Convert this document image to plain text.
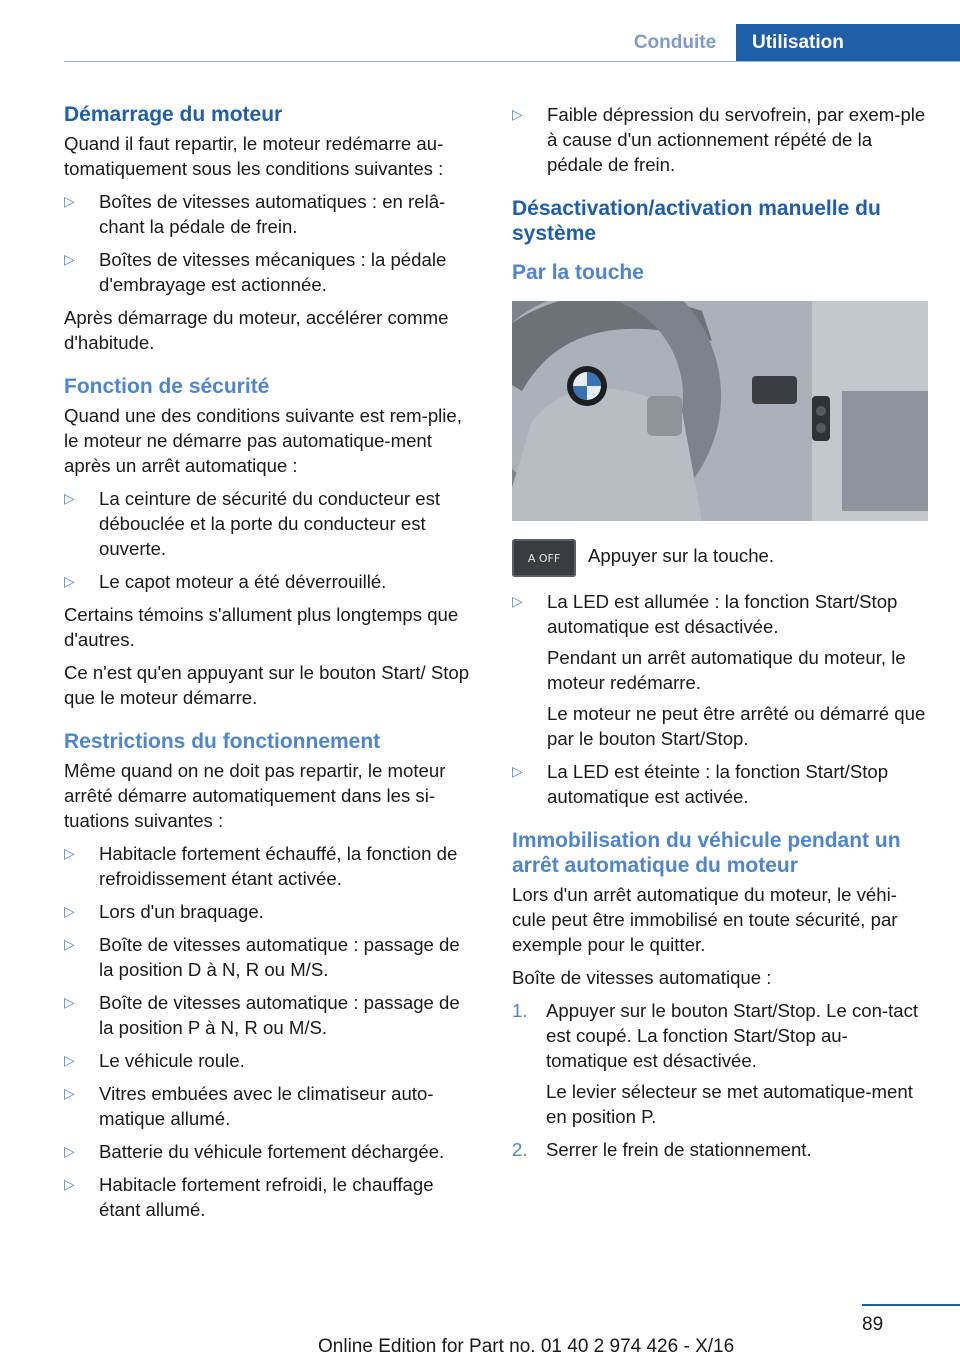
Conduite	Utilisation
Démarrage du moteur
Quand il faut repartir, le moteur redémarre au-tomatiquement sous les conditions suivantes :
▷	Boîtes de vitesses automatiques : en relâ-chant la pédale de frein.
▷	Boîtes de vitesses mécaniques : la pédale d'embrayage est actionnée.
Après démarrage du moteur, accélérer comme d'habitude.
Fonction de sécurité
Quand une des conditions suivante est rem-plie, le moteur ne démarre pas automatique-ment après un arrêt automatique :
▷	La ceinture de sécurité du conducteur est débouclée et la porte du conducteur est ouverte.
▷	Le capot moteur a été déverrouillé.
Certains témoins s'allument plus longtemps que d'autres.
Ce n'est qu'en appuyant sur le bouton Start/ Stop que le moteur démarre.
Restrictions du fonctionnement
Même quand on ne doit pas repartir, le moteur arrêté démarre automatiquement dans les si-tuations suivantes :
▷	Habitacle fortement échauffé, la fonction de refroidissement étant activée.
▷	Lors d'un braquage.
▷	Boîte de vitesses automatique : passage de la position D à N, R ou M/S.
▷	Boîte de vitesses automatique : passage de la position P à N, R ou M/S.
▷	Le véhicule roule.
▷	Vitres embuées avec le climatiseur auto-matique allumé.
▷	Batterie du véhicule fortement déchargée.
▷	Habitacle fortement refroidi, le chauffage étant allumé.
▷	Faible dépression du servofrein, par exem-ple à cause d'un actionnement répété de la pédale de frein.
Désactivation/activation manuelle du système
Par la touche
A OFF Appuyer sur la touche.
▷	La LED est allumée : la fonction Start/Stop automatique est désactivée.
Pendant un arrêt automatique du moteur, le moteur redémarre.
Le moteur ne peut être arrêté ou démarré que par le bouton Start/Stop.
▷	La LED est éteinte : la fonction Start/Stop automatique est activée.
Immobilisation du véhicule pendant un arrêt automatique du moteur
Lors d'un arrêt automatique du moteur, le véhi-cule peut être immobilisé en toute sécurité, par exemple pour le quitter.
Boîte de vitesses automatique :
1. Appuyer sur le bouton Start/Stop. Le con-tact est coupé. La fonction Start/Stop au-tomatique est désactivée.
Le levier sélecteur se met automatique-ment en position P.
2. Serrer le frein de stationnement.
89
Online Edition for Part no. 01 40 2 974 426 - X/16
